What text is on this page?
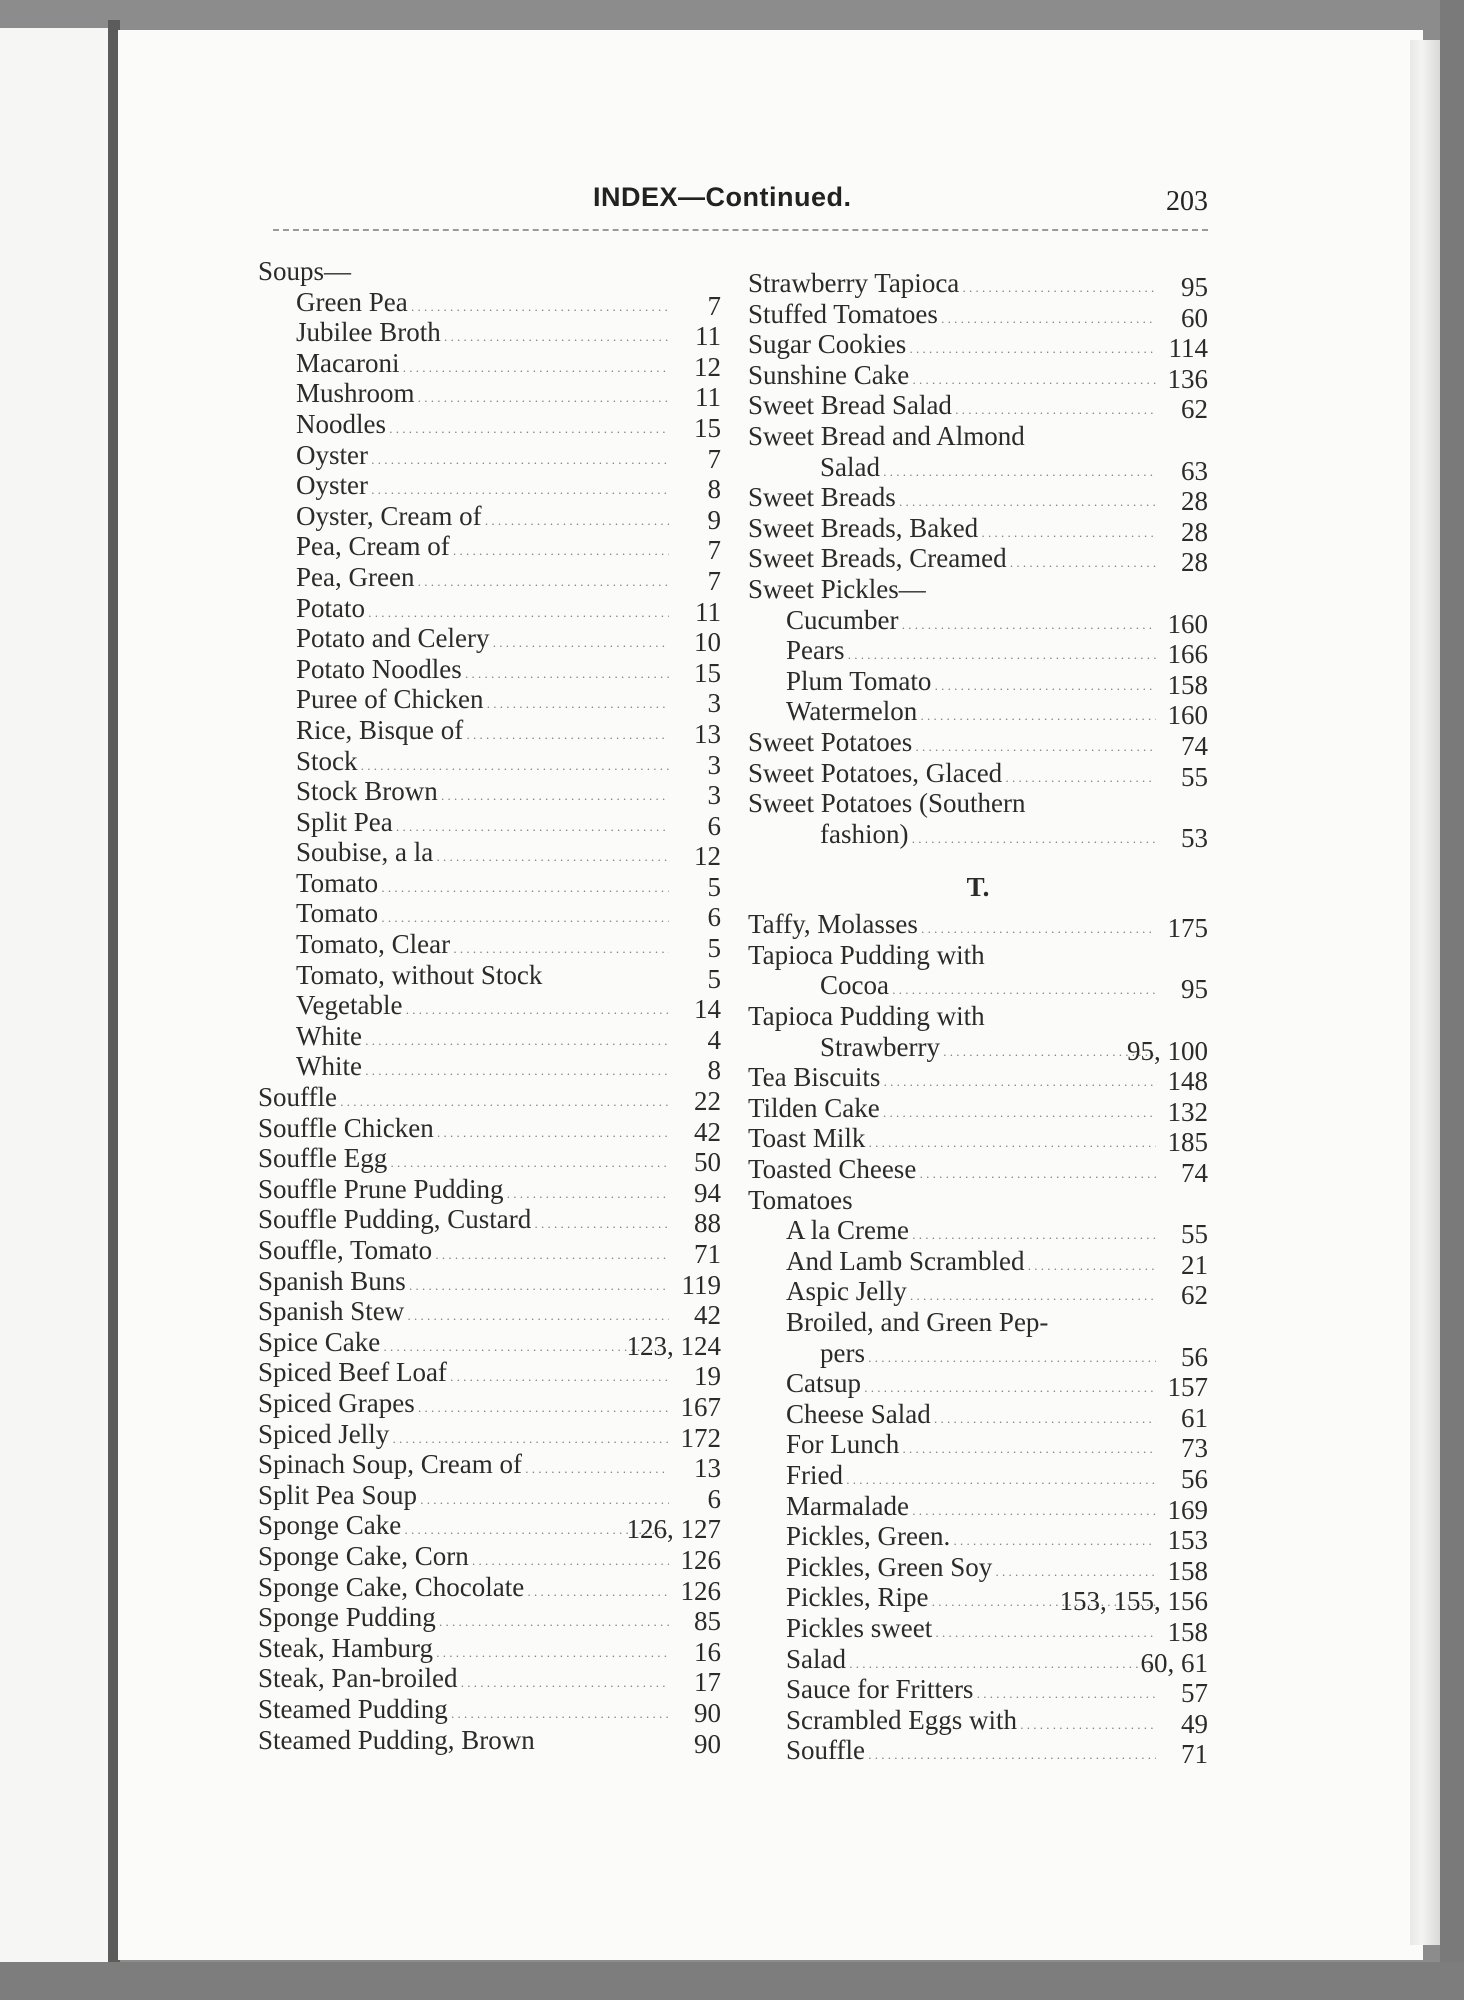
INDEX—Continued.	203
Soups—
Green Pea . . .	7
Jubilee Broth . . .	11
Macaroni . . .	12
Mushroom . . .	11
Noodles . . .	15
Oyster . . .	7
Oyster . . .	8
Oyster, Cream of . . .	9
Pea, Cream of . . .	7
Pea, Green . . .	7
Potato . . .	11
Potato and Celery . . .	10
Potato Noodles . . .	15
Puree of Chicken . . .	3
Rice, Bisque of . . .	13
Stock . . .	3
Stock Brown . . .	3
Split Pea . . .	6
Soubise, a la . . .	12
Tomato . . .	5
Tomato . . .	6
Tomato, Clear . . .	5
Tomato, without Stock	5
Vegetable . . .	14
White . . .	4
White . . .	8
Souffle . . .	22
Souffle Chicken . . .	42
Souffle Egg . . .	50
Souffle Prune Pudding . . .	94
Souffle Pudding, Custard . . .	88
Souffle, Tomato . . .	71
Spanish Buns . . .	119
Spanish Stew . . .	42
Spice Cake . . .	123, 124
Spiced Beef Loaf . . .	19
Spiced Grapes . . .	167
Spiced Jelly . . .	172
Spinach Soup, Cream of . . .	13
Split Pea Soup . . .	6
Sponge Cake . . .	126, 127
Sponge Cake, Corn . . .	126
Sponge Cake, Chocolate . . .	126
Sponge Pudding . . .	85
Steak, Hamburg . . .	16
Steak, Pan-broiled . . .	17
Steamed Pudding . . .	90
Steamed Pudding, Brown	90
Strawberry Tapioca . . .	95
Stuffed Tomatoes . . .	60
Sugar Cookies . . .	114
Sunshine Cake . . .	136
Sweet Bread Salad . . .	62
Sweet Bread and Almond
Salad . . .	63
Sweet Breads . . .	28
Sweet Breads, Baked . . .	28
Sweet Breads, Creamed . . .	28
Sweet Pickles—
Cucumber . . .	160
Pears . . .	166
Plum Tomato . . .	158
Watermelon . . .	160
Sweet Potatoes . . .	74
Sweet Potatoes, Glaced . . .	55
Sweet Potatoes (Southern
fashion) . . .	53
T.
Taffy, Molasses . . .	175
Tapioca Pudding with
Cocoa . . .	95
Tapioca Pudding with
Strawberry . . .	95, 100
Tea Biscuits . . .	148
Tilden Cake . . .	132
Toast Milk . . .	185
Toasted Cheese . . .	74
Tomatoes
A la Creme . . .	55
And Lamb Scrambled . . .	21
Aspic Jelly . . .	62
Broiled, and Green Pep-
pers . . .	56
Catsup . . .	157
Cheese Salad . . .	61
For Lunch . . .	73
Fried . . .	56
Marmalade . . .	169
Pickles, Green. . . .	153
Pickles, Green Soy . . .	158
Pickles, Ripe . . .	153, 155, 156
Pickles sweet . . .	158
Salad . . .	60, 61
Sauce for Fritters . . .	57
Scrambled Eggs with . . .	49
Souffle . . .	71
